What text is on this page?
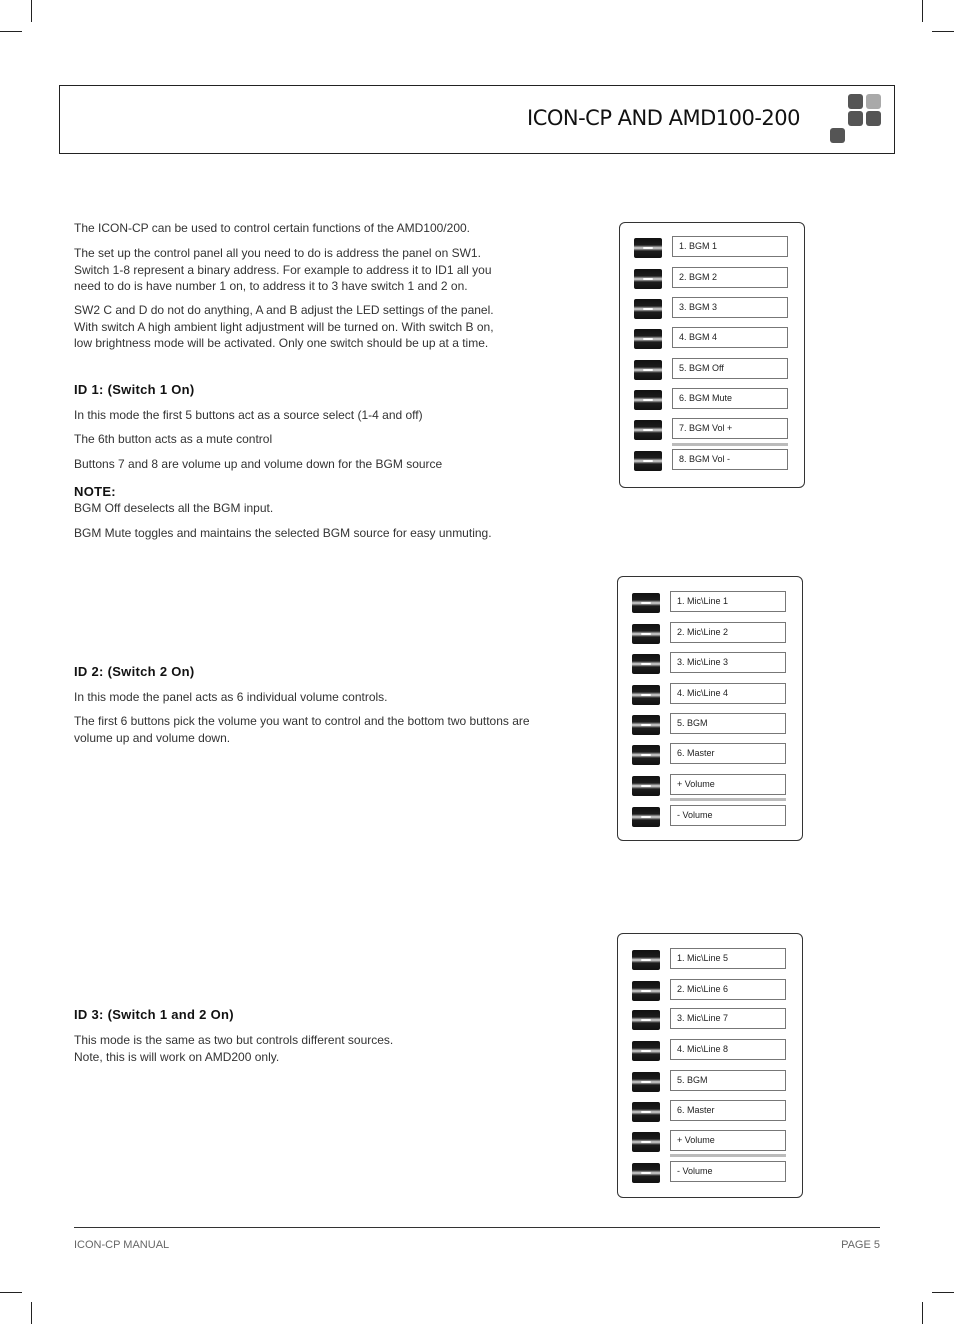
ICON-CP AND AMD100-200
The ICON-CP can be used to control certain functions of the AMD100/200.
The set up the control panel all you need to do is address the panel on SW1.
Switch 1-8 represent a binary address. For example to address it to ID1 all you
need to do is have number 1 on, to address it to 3 have switch 1 and 2 on.
SW2 C and D do not do anything, A and B adjust the LED settings of the panel.
With switch A high ambient light adjustment will be turned on. With switch B on,
low brightness mode will be activated. Only one switch should be up at a time.
ID 1: (Switch 1 On)
In this mode the first 5 buttons act as a source select (1-4 and off)
The 6th button acts as a mute control
Buttons 7 and 8 are volume up and volume down for the BGM source
NOTE:
BGM Off deselects all the BGM input.
BGM Mute toggles and maintains the selected BGM source for easy unmuting.
1. BGM 1
2. BGM 2
3. BGM 3
4. BGM 4
5. BGM Off
6. BGM Mute
7. BGM Vol +
8. BGM Vol -
ID 2: (Switch 2 On)
In this mode the panel acts as 6 individual volume controls.
The first 6 buttons pick the volume you want to control and the bottom two buttons are
volume up and volume down.
1. Mic\Line 1
2. Mic\Line 2
3. Mic\Line 3
4. Mic\Line 4
5. BGM
6. Master
+ Volume
- Volume
ID 3: (Switch 1 and 2 On)
This mode is the same as two but controls different sources.
Note, this is will work on AMD200 only.
1. Mic\Line 5
2. Mic\Line 6
3. Mic\Line 7
4. Mic\Line 8
5. BGM
6. Master
+ Volume
- Volume
ICON-CP MANUAL	PAGE 5
